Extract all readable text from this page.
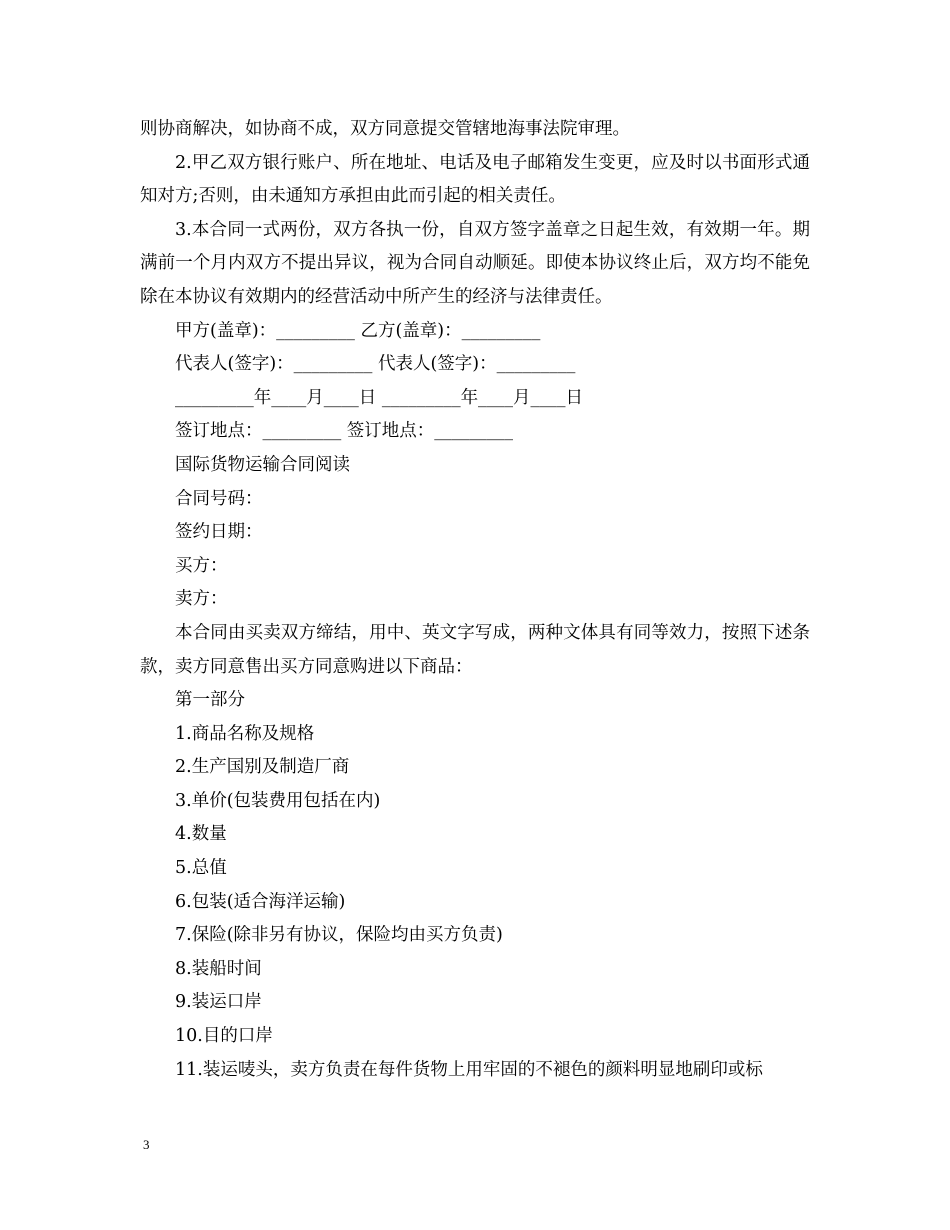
则协商解决，如协商不成，双方同意提交管辖地海事法院审理。
2.甲乙双方银行账户、所在地址、电话及电子邮箱发生变更，应及时以书面形式通知对方;否则，由未通知方承担由此而引起的相关责任。
3.本合同一式两份，双方各执一份，自双方签字盖章之日起生效，有效期一年。期满前一个月内双方不提出异议，视为合同自动顺延。即使本协议终止后，双方均不能免除在本协议有效期内的经营活动中所产生的经济与法律责任。
甲方(盖章)：_________ 乙方(盖章)：_________
代表人(签字)：_________ 代表人(签字)：_________
_________年____月____日 _________年____月____日
签订地点：_________ 签订地点：_________
国际货物运输合同阅读
合同号码：
签约日期：
买方：
卖方：
本合同由买卖双方缔结，用中、英文字写成，两种文体具有同等效力，按照下述条款，卖方同意售出买方同意购进以下商品：
第一部分
1.商品名称及规格
2.生产国别及制造厂商
3.单价(包装费用包括在内)
4.数量
5.总值
6.包装(适合海洋运输)
7.保险(除非另有协议，保险均由买方负责)
8.装船时间
9.装运口岸
10.目的口岸
11.装运唛头，卖方负责在每件货物上用牢固的不褪色的颜料明显地刷印或标
3
